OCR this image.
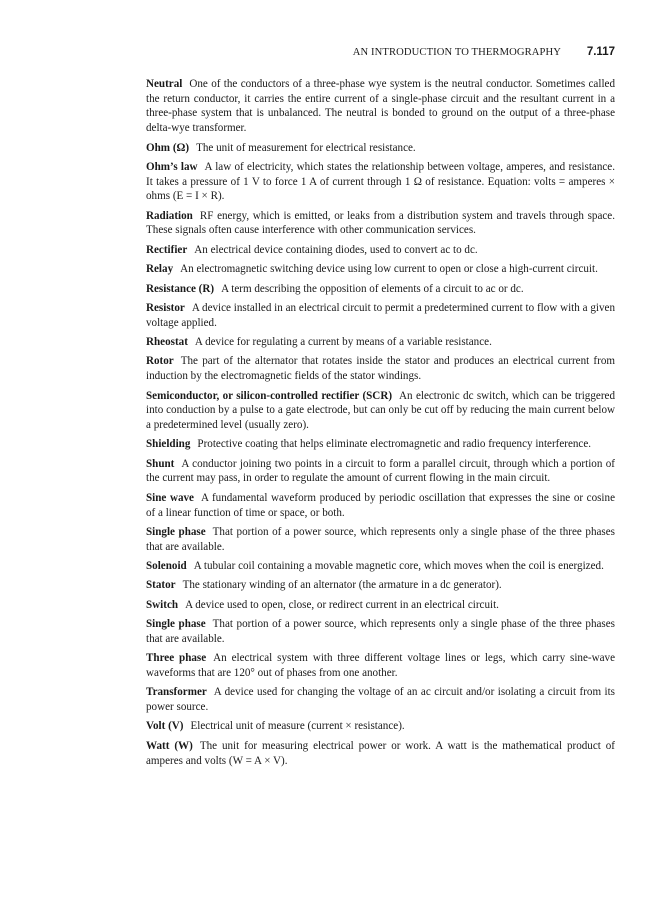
AN INTRODUCTION TO THERMOGRAPHY 7.117

Neutral One of the conductors of a three-phase wye system is the neutral conductor. Sometimes called the return conductor, it carries the entire current of a single-phase circuit and the resultant current in a three-phase system that is unbalanced. The neutral is bonded to ground on the output of a three-phase delta-wye transformer.

Ohm (Ω) The unit of measurement for electrical resistance.

Ohm’s law A law of electricity, which states the relationship between voltage, amperes, and resistance. It takes a pressure of 1 V to force 1 A of current through 1 Ω of resistance. Equation: volts = amperes × ohms (E = I × R).

Radiation RF energy, which is emitted, or leaks from a distribution system and travels through space. These signals often cause interference with other communication services.

Rectifier An electrical device containing diodes, used to convert ac to dc.

Relay An electromagnetic switching device using low current to open or close a high-current circuit.

Resistance (R) A term describing the opposition of elements of a circuit to ac or dc.

Resistor A device installed in an electrical circuit to permit a predetermined current to flow with a given voltage applied.

Rheostat A device for regulating a current by means of a variable resistance.

Rotor The part of the alternator that rotates inside the stator and produces an electrical current from induction by the electromagnetic fields of the stator windings.

Semiconductor, or silicon-controlled rectifier (SCR) An electronic dc switch, which can be triggered into conduction by a pulse to a gate electrode, but can only be cut off by reducing the main current below a predetermined level (usually zero).

Shielding Protective coating that helps eliminate electromagnetic and radio frequency interference.

Shunt A conductor joining two points in a circuit to form a parallel circuit, through which a portion of the current may pass, in order to regulate the amount of current flowing in the main circuit.

Sine wave A fundamental waveform produced by periodic oscillation that expresses the sine or cosine of a linear function of time or space, or both.

Single phase That portion of a power source, which represents only a single phase of the three phases that are available.

Solenoid A tubular coil containing a movable magnetic core, which moves when the coil is energized.

Stator The stationary winding of an alternator (the armature in a dc generator).

Switch A device used to open, close, or redirect current in an electrical circuit.

Single phase That portion of a power source, which represents only a single phase of the three phases that are available.

Three phase An electrical system with three different voltage lines or legs, which carry sine-wave waveforms that are 120° out of phases from one another.

Transformer A device used for changing the voltage of an ac circuit and/or isolating a circuit from its power source.

Volt (V) Electrical unit of measure (current × resistance).

Watt (W) The unit for measuring electrical power or work. A watt is the mathematical product of amperes and volts (W = A × V).
